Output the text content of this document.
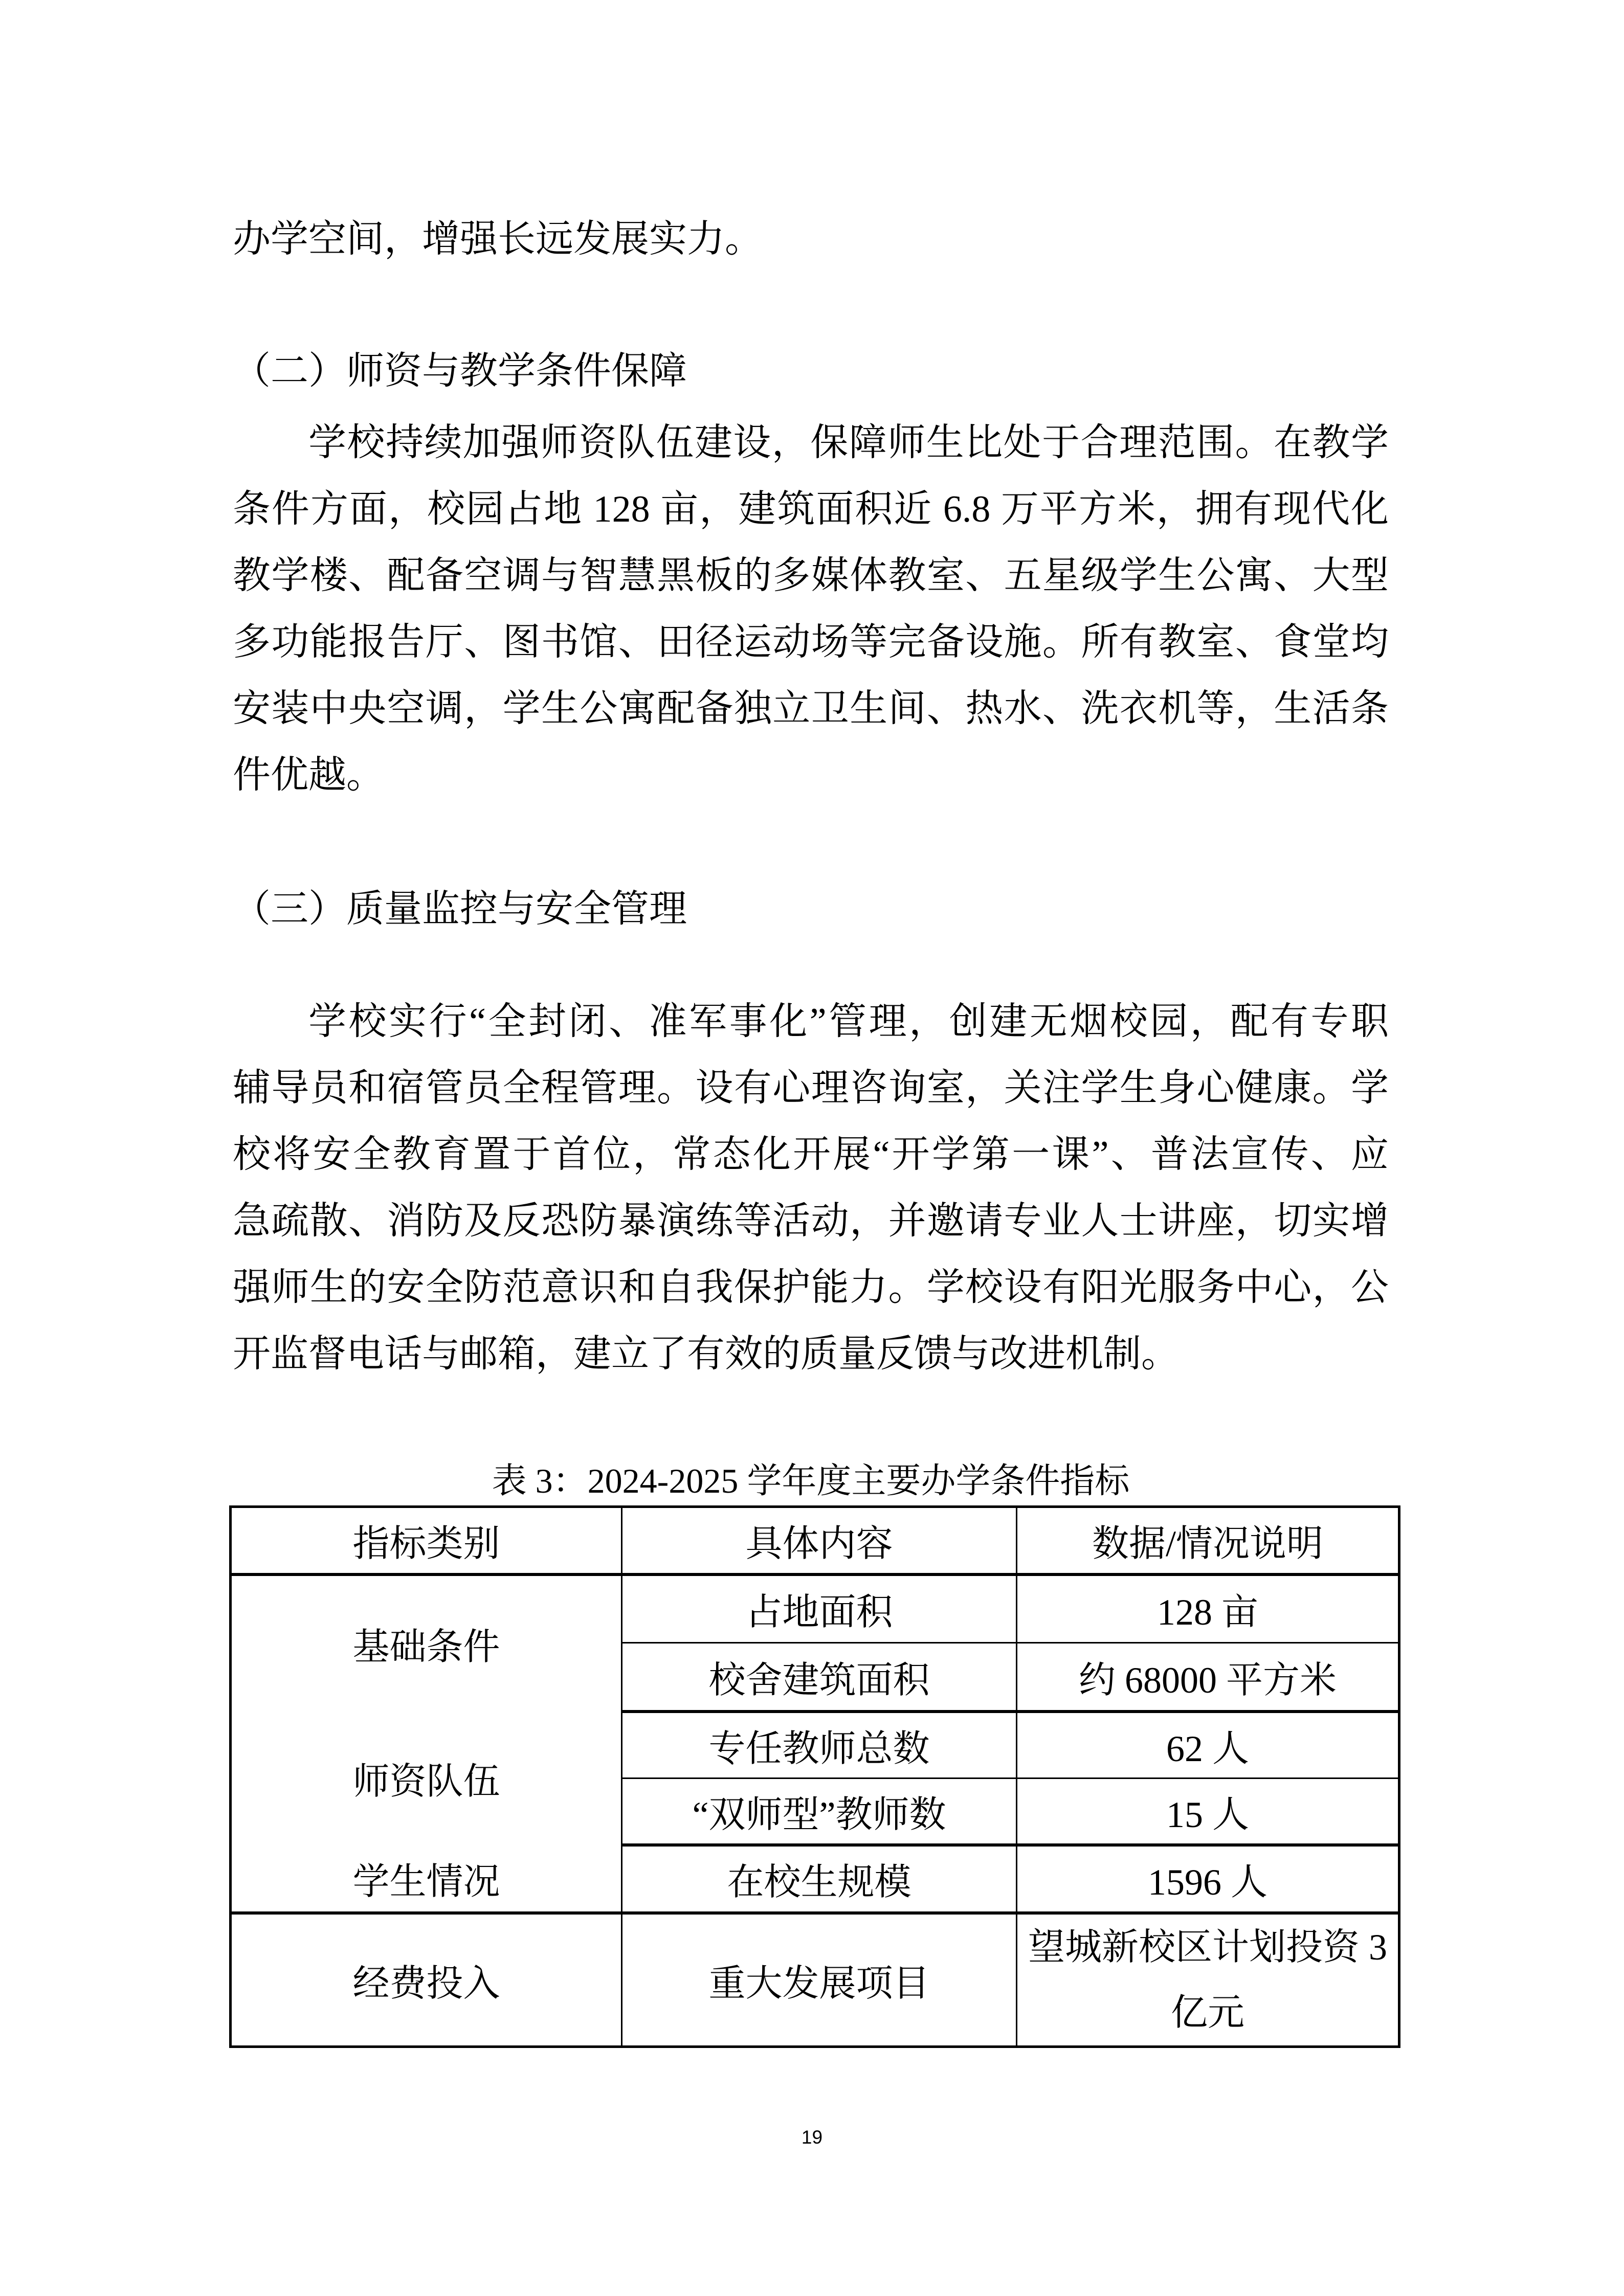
办学空间，增强长远发展实力。
（二）师资与教学条件保障
学校持续加强师资队伍建设，保障师生比处于合理范围。在教学
条件方面，校园占地 128 亩，建筑面积近 6.8 万平方米，拥有现代化
教学楼、配备空调与智慧黑板的多媒体教室、五星级学生公寓、大型
多功能报告厅、图书馆、田径运动场等完备设施。所有教室、食堂均
安装中央空调，学生公寓配备独立卫生间、热水、洗衣机等，生活条
件优越。
（三）质量监控与安全管理
学校实行“全封闭、准军事化”管理，创建无烟校园，配有专职
辅导员和宿管员全程管理。设有心理咨询室，关注学生身心健康。学
校将安全教育置于首位，常态化开展“开学第一课”、普法宣传、应
急疏散、消防及反恐防暴演练等活动，并邀请专业人士讲座，切实增
强师生的安全防范意识和自我保护能力。学校设有阳光服务中心，公
开监督电话与邮箱，建立了有效的质量反馈与改进机制。
表 3：2024-2025 学年度主要办学条件指标
指标类别	具体内容	数据/情况说明
基础条件	占地面积	128 亩
	校舍建筑面积	约 68000 平方米
师资队伍	专任教师总数	62 人
	“双师型”教师数	15 人
学生情况	在校生规模	1596 人
经费投入	重大发展项目	望城新校区计划投资 3 亿元
19
